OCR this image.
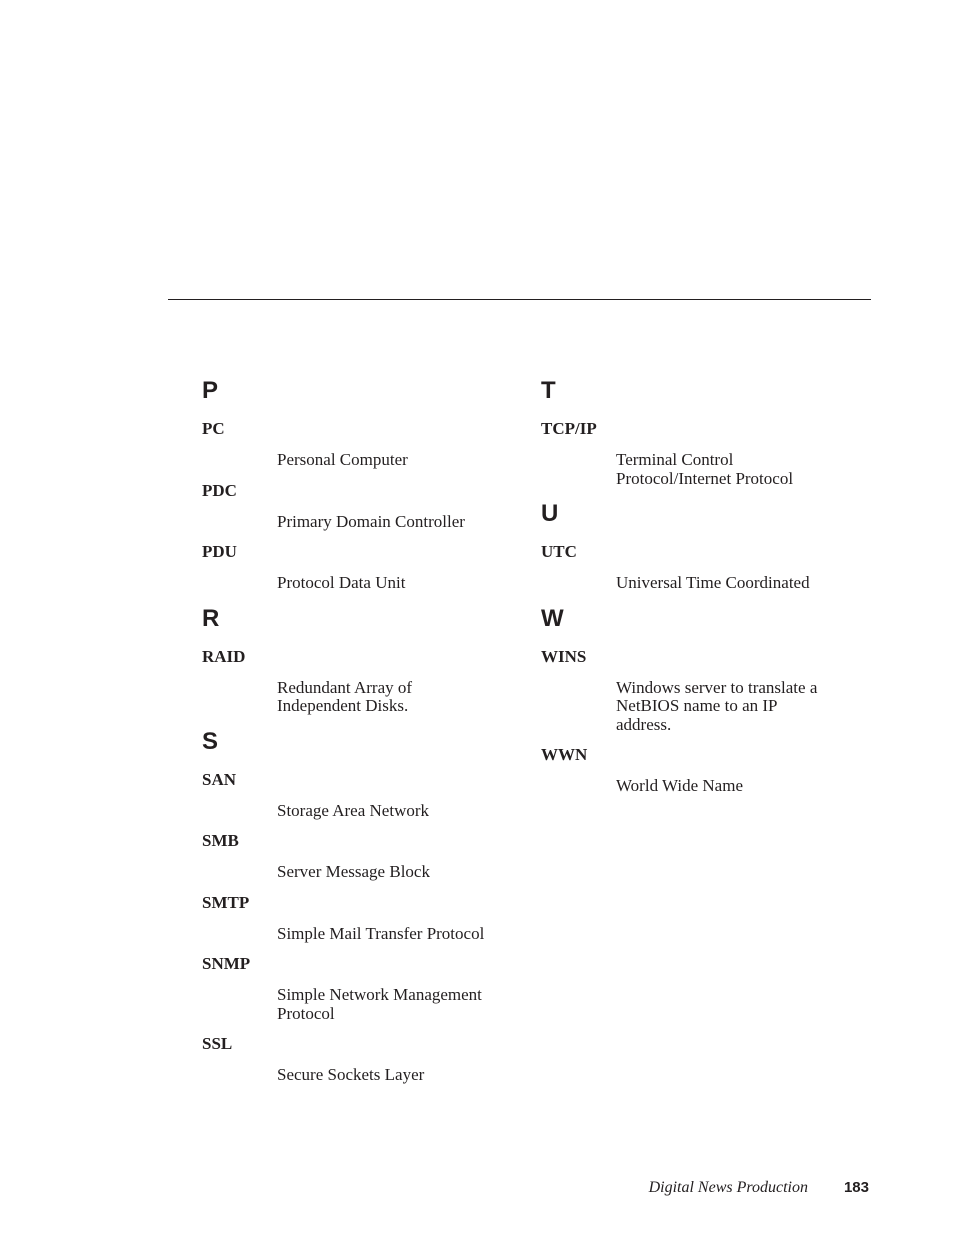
P
PC
Personal Computer
PDC
Primary Domain Controller
PDU
Protocol Data Unit
R
RAID
Redundant Array of Independent Disks.
S
SAN
Storage Area Network
SMB
Server Message Block
SMTP
Simple Mail Transfer Protocol
SNMP
Simple Network Management Protocol
SSL
Secure Sockets Layer
T
TCP/IP
Terminal Control Protocol/Internet Protocol
U
UTC
Universal Time Coordinated
W
WINS
Windows server to translate a NetBIOS name to an IP address.
WWN
World Wide Name
Digital News Production 183
